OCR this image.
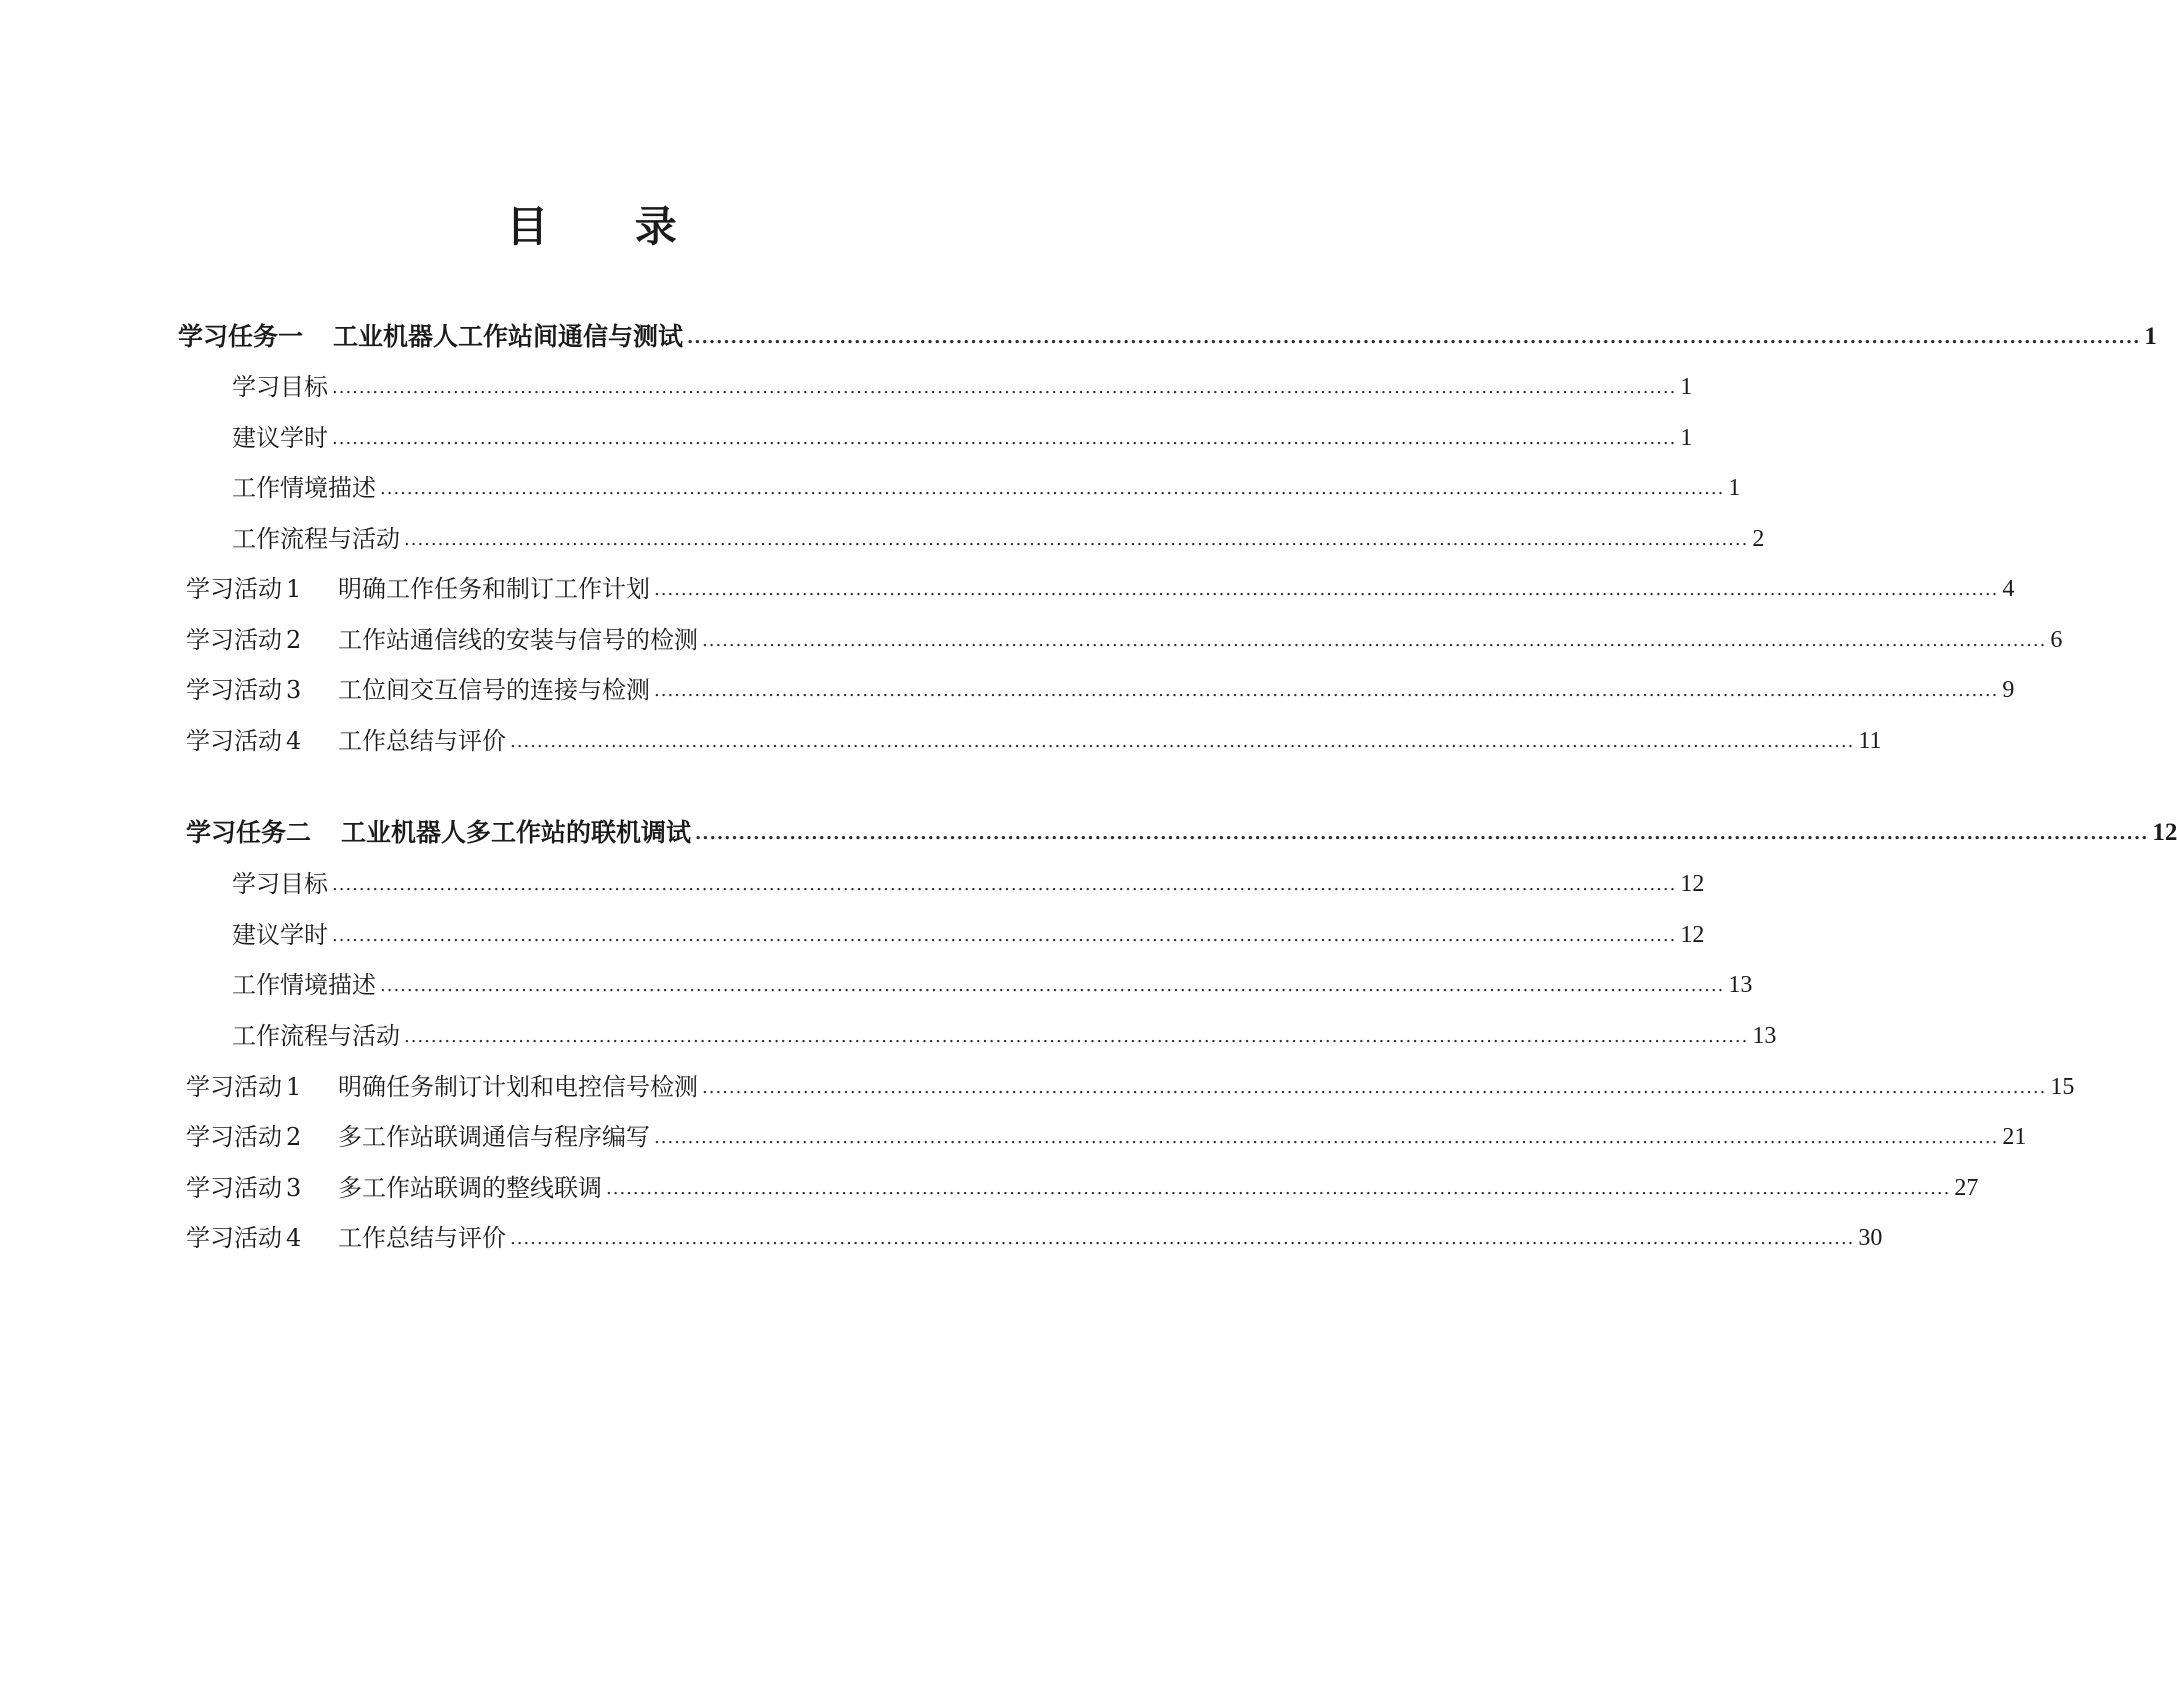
目 录
学习任务一 工业机器人工作站间通信与测试 ........................................................................................................................................................................................................ 1
学习目标 ........................................................................................................................................................................................................ 1
建议学时 ........................................................................................................................................................................................................ 1
工作情境描述 ........................................................................................................................................................................................................ 1
工作流程与活动 ........................................................................................................................................................................................................ 2
学习活动 1 明确工作任务和制订工作计划 ........................................................................................................................................................................................................ 4
学习活动 2 工作站通信线的安装与信号的检测 ........................................................................................................................................................................................................ 6
学习活动 3 工位间交互信号的连接与检测 ........................................................................................................................................................................................................ 9
学习活动 4 工作总结与评价 ........................................................................................................................................................................................................ 11
学习任务二 工业机器人多工作站的联机调试 ........................................................................................................................................................................................................ 12
学习目标 ........................................................................................................................................................................................................ 12
建议学时 ........................................................................................................................................................................................................ 12
工作情境描述 ........................................................................................................................................................................................................ 13
工作流程与活动 ........................................................................................................................................................................................................ 13
学习活动 1 明确任务制订计划和电控信号检测 ........................................................................................................................................................................................................ 15
学习活动 2 多工作站联调通信与程序编写 ........................................................................................................................................................................................................ 21
学习活动 3 多工作站联调的整线联调 ........................................................................................................................................................................................................ 27
学习活动 4 工作总结与评价 ........................................................................................................................................................................................................ 30
